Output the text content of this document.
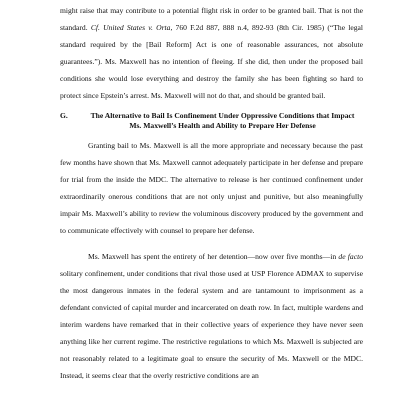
might raise that may contribute to a potential flight risk in order to be granted bail. That is not the standard. Cf. United States v. Orta, 760 F.2d 887, 888 n.4, 892-93 (8th Cir. 1985) (“The legal standard required by the [Bail Reform] Act is one of reasonable assurances, not absolute guarantees.”). Ms. Maxwell has no intention of fleeing. If she did, then under the proposed bail conditions she would lose everything and destroy the family she has been fighting so hard to protect since Epstein’s arrest. Ms. Maxwell will not do that, and should be granted bail.

G.	The Alternative to Bail Is Confinement Under Oppressive Conditions that Impact Ms. Maxwell’s Health and Ability to Prepare Her Defense

Granting bail to Ms. Maxwell is all the more appropriate and necessary because the past few months have shown that Ms. Maxwell cannot adequately participate in her defense and prepare for trial from the inside the MDC. The alternative to release is her continued confinement under extraordinarily onerous conditions that are not only unjust and punitive, but also meaningfully impair Ms. Maxwell’s ability to review the voluminous discovery produced by the government and to communicate effectively with counsel to prepare her defense.

Ms. Maxwell has spent the entirety of her detention—now over five months—in de facto solitary confinement, under conditions that rival those used at USP Florence ADMAX to supervise the most dangerous inmates in the federal system and are tantamount to imprisonment as a defendant convicted of capital murder and incarcerated on death row. In fact, multiple wardens and interim wardens have remarked that in their collective years of experience they have never seen anything like her current regime. The restrictive regulations to which Ms. Maxwell is subjected are not reasonably related to a legitimate goal to ensure the security of Ms. Maxwell or the MDC. Instead, it seems clear that the overly restrictive conditions are an
